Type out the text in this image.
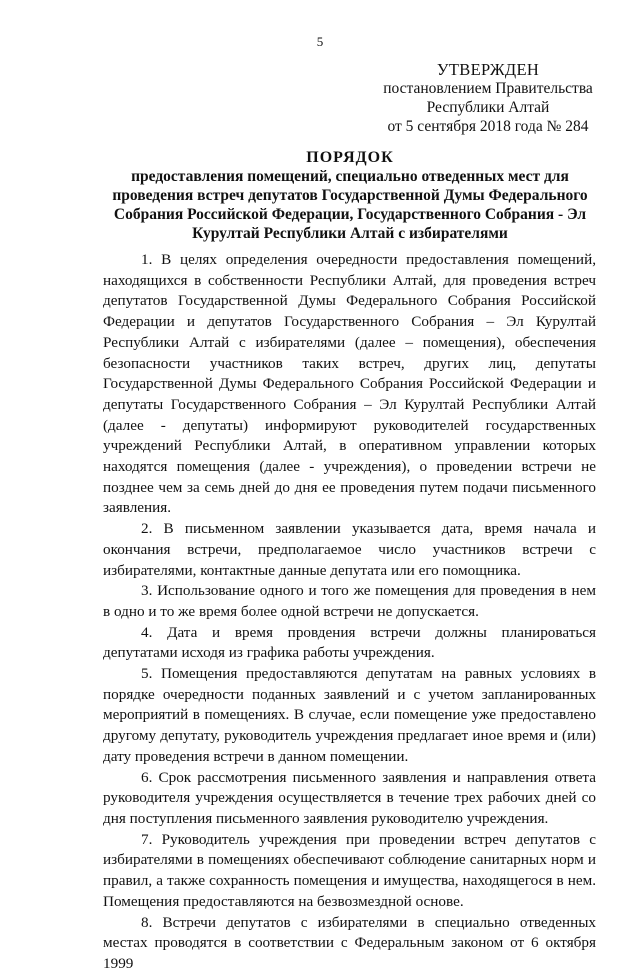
5
УТВЕРЖДЕН
постановлением Правительства
Республики Алтай
от 5 сентября 2018 года № 284
ПОРЯДОК
предоставления помещений, специально отведенных мест для
проведения встреч депутатов Государственной Думы Федерального
Собрания Российской Федерации, Государственного Собрания - Эл
Курултай Республики Алтай с избирателями

1. В целях определения очередности предоставления помещений, находящихся в собственности Республики Алтай, для проведения встреч депутатов Государственной Думы Федерального Собрания Российской Федерации и депутатов Государственного Собрания – Эл Курултай Республики Алтай с избирателями (далее – помещения), обеспечения безопасности участников таких встреч, других лиц, депутаты Государственной Думы Федерального Собрания Российской Федерации и депутаты Государственного Собрания – Эл Курултай Республики Алтай (далее - депутаты) информируют руководителей государственных учреждений Республики Алтай, в оперативном управлении которых находятся помещения (далее - учреждения), о проведении встречи не позднее чем за семь дней до дня ее проведения путем подачи письменного заявления.

2. В письменном заявлении указывается дата, время начала и окончания встречи, предполагаемое число участников встречи с избирателями, контактные данные депутата или его помощника.

3. Использование одного и того же помещения для проведения в нем в одно и то же время более одной встречи не допускается.

4. Дата и время провдения встречи должны планироваться депутатами исходя из графика работы учреждения.

5. Помещения предоставляются депутатам на равных условиях в порядке очередности поданных заявлений и с учетом запланированных мероприятий в помещениях. В случае, если помещение уже предоставлено другому депутату, руководитель учреждения предлагает иное время и (или) дату проведения встречи в данном помещении.

6. Срок рассмотрения письменного заявления и направления ответа руководителя учреждения осуществляется в течение трех рабочих дней со дня поступления письменного заявления руководителю учреждения.

7. Руководитель учреждения при проведении встреч депутатов с избирателями в помещениях обеспечивают соблюдение санитарных норм и правил, а также сохранность помещения и имущества, находящегося в нем. Помещения предоставляются на безвозмездной основе.

8. Встречи депутатов с избирателями в специально отведенных местах проводятся в соответствии с Федеральным законом от 6 октября 1999
